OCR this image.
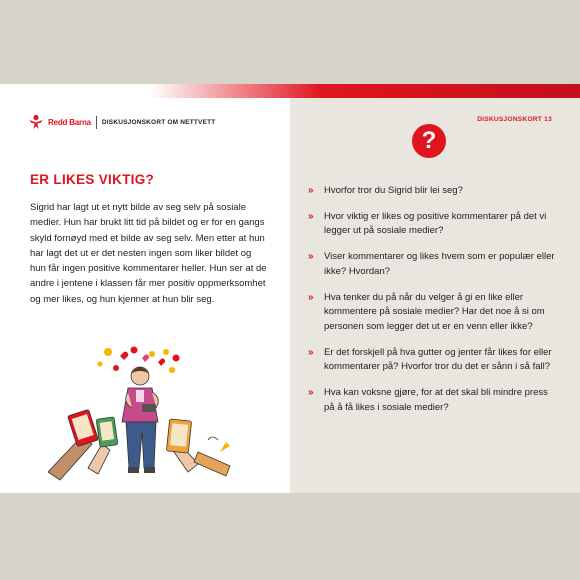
Redd Barna DISKUSJONSKORT OM NETTVETT
ER LIKES VIKTIG?
Sigrid har lagt ut et nytt bilde av seg selv på sosiale medier. Hun har brukt litt tid på bildet og er for en gangs skyld fornøyd med et bilde av seg selv. Men etter at hun har lagt det ut er det nesten ingen som liker bildet og hun får ingen positive kommentarer heller. Hun ser at de andre i jentene i klassen får mer positiv oppmerksomhet og mer likes, og hun kjenner at hun blir seg.
DISKUSJONSKORT 13
?
» Hvorfor tror du Sigrid blir lei seg?
» Hvor viktig er likes og positive kommentarer på det vi legger ut på sosiale medier?
» Viser kommentarer og likes hvem som er populær eller ikke? Hvordan?
» Hva tenker du på når du velger å gi en like eller kommentere på sosiale medier? Har det noe å si om personen som legger det ut er en venn eller ikke?
» Er det forskjell på hva gutter og jenter får likes for eller kommentarer på? Hvorfor tror du det er sånn i så fall?
» Hva kan voksne gjøre, for at det skal bli mindre press på å få likes i sosiale medier?
